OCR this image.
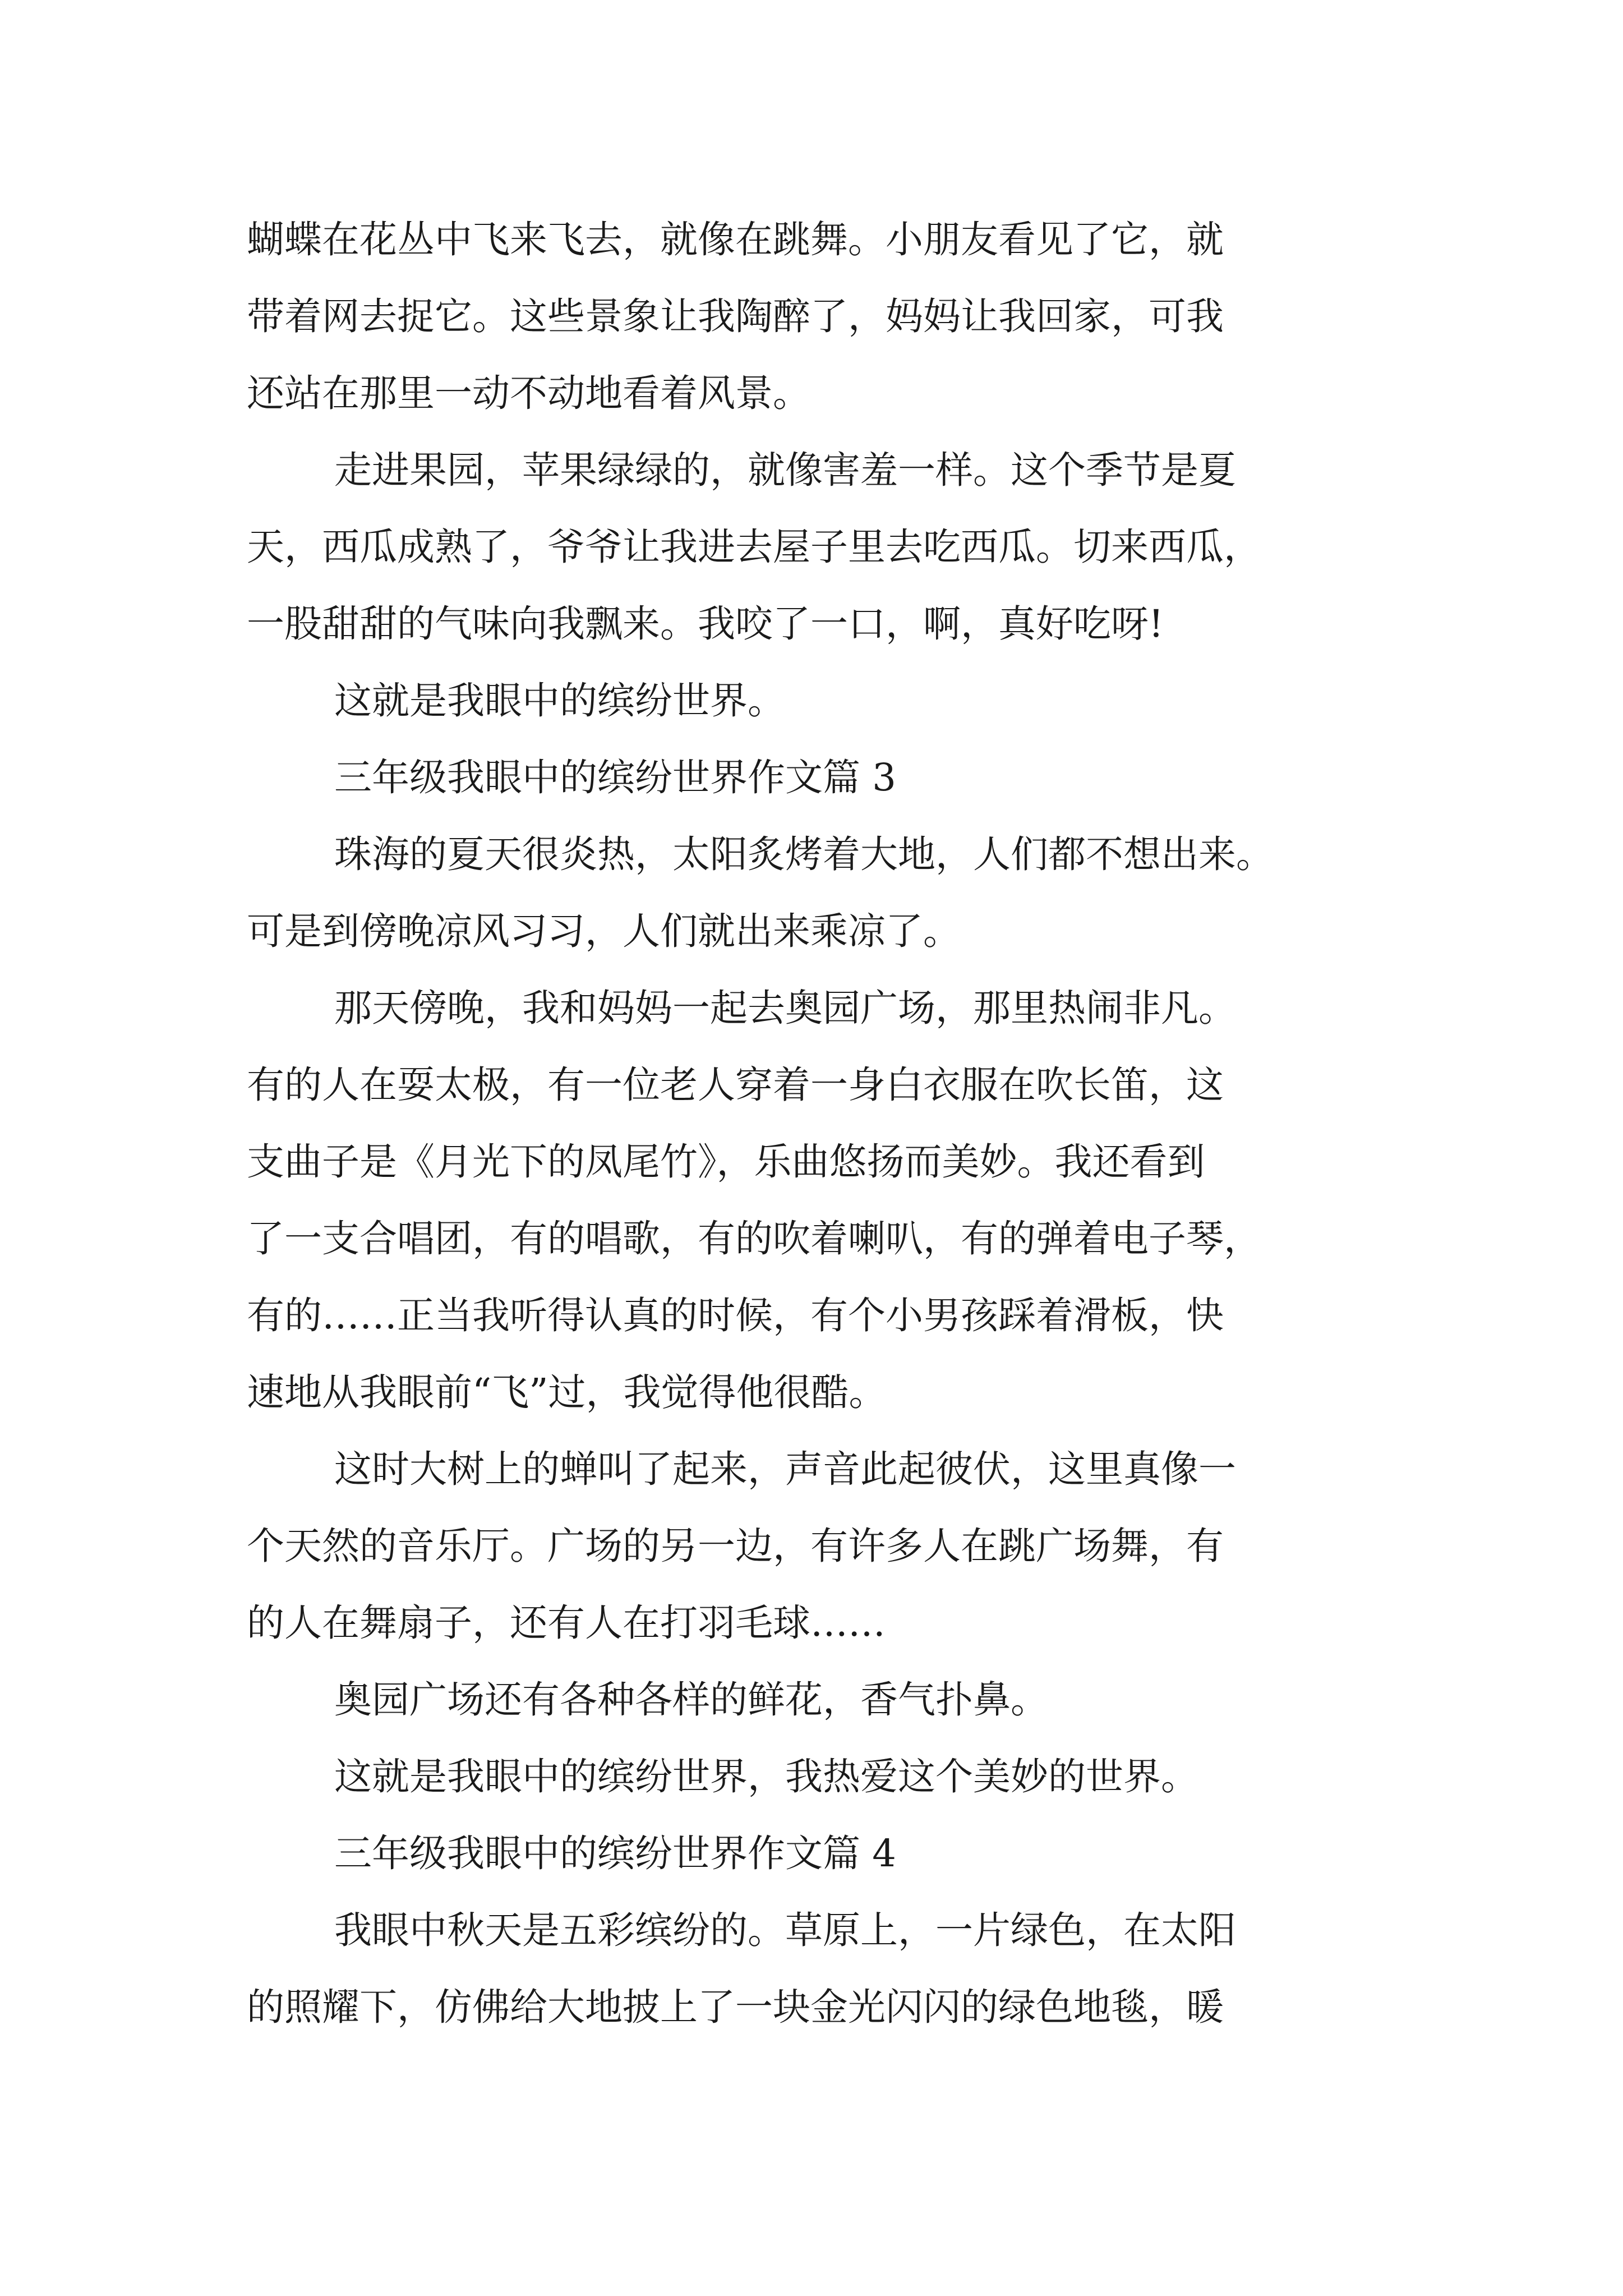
蝴蝶在花丛中飞来飞去，就像在跳舞。小朋友看见了它，就
带着网去捉它。这些景象让我陶醉了，妈妈让我回家，可我
还站在那里一动不动地看着风景。
走进果园，苹果绿绿的，就像害羞一样。这个季节是夏
天，西瓜成熟了，爷爷让我进去屋子里去吃西瓜。切来西瓜，
一股甜甜的气味向我飘来。我咬了一口，啊，真好吃呀!
这就是我眼中的缤纷世界。
三年级我眼中的缤纷世界作文篇 3
珠海的夏天很炎热，太阳炙烤着大地，人们都不想出来。
可是到傍晚凉风习习，人们就出来乘凉了。
那天傍晚，我和妈妈一起去奥园广场，那里热闹非凡。
有的人在耍太极，有一位老人穿着一身白衣服在吹长笛，这
支曲子是《月光下的凤尾竹》，乐曲悠扬而美妙。我还看到
了一支合唱团，有的唱歌，有的吹着喇叭，有的弹着电子琴，
有的……正当我听得认真的时候，有个小男孩踩着滑板，快
速地从我眼前“飞”过，我觉得他很酷。
这时大树上的蝉叫了起来，声音此起彼伏，这里真像一
个天然的音乐厅。广场的另一边，有许多人在跳广场舞，有
的人在舞扇子，还有人在打羽毛球……
奥园广场还有各种各样的鲜花，香气扑鼻。
这就是我眼中的缤纷世界，我热爱这个美妙的世界。
三年级我眼中的缤纷世界作文篇 4
我眼中秋天是五彩缤纷的。草原上，一片绿色，在太阳
的照耀下，仿佛给大地披上了一块金光闪闪的绿色地毯，暖
